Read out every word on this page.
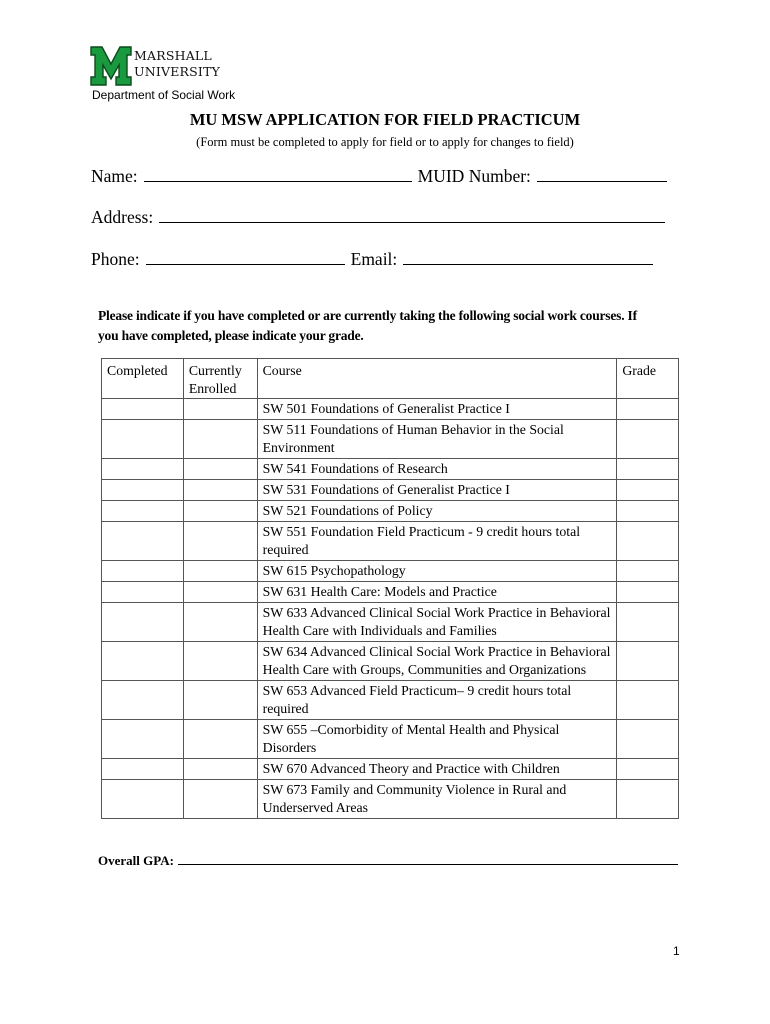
MARSHALL
UNIVERSITY
Department of Social Work
MU MSW APPLICATION FOR FIELD PRACTICUM
(Form must be completed to apply for field or to apply for changes to field)
Name:	MUID Number:
Address:
Phone:	Email:
Please indicate if you have completed or are currently taking the following social work courses. If you have completed, please indicate your grade.
Completed	Currently Enrolled	Course	Grade
		SW 501 Foundations of Generalist Practice I	
		SW 511 Foundations of Human Behavior in the Social Environment	
		SW 541 Foundations of Research	
		SW 531 Foundations of Generalist Practice I	
		SW 521 Foundations of Policy	
		SW 551 Foundation Field Practicum - 9 credit hours total required	
		SW 615 Psychopathology	
		SW 631 Health Care: Models and Practice	
		SW 633 Advanced Clinical Social Work Practice in Behavioral Health Care with Individuals and Families	
		SW 634 Advanced Clinical Social Work Practice in Behavioral Health Care with Groups, Communities and Organizations	
		SW 653 Advanced Field Practicum– 9 credit hours total required	
		SW 655 –Comorbidity of Mental Health and Physical Disorders	
		SW 670 Advanced Theory and Practice with Children	
		SW 673 Family and Community Violence in Rural and Underserved Areas	
Overall GPA:
1
